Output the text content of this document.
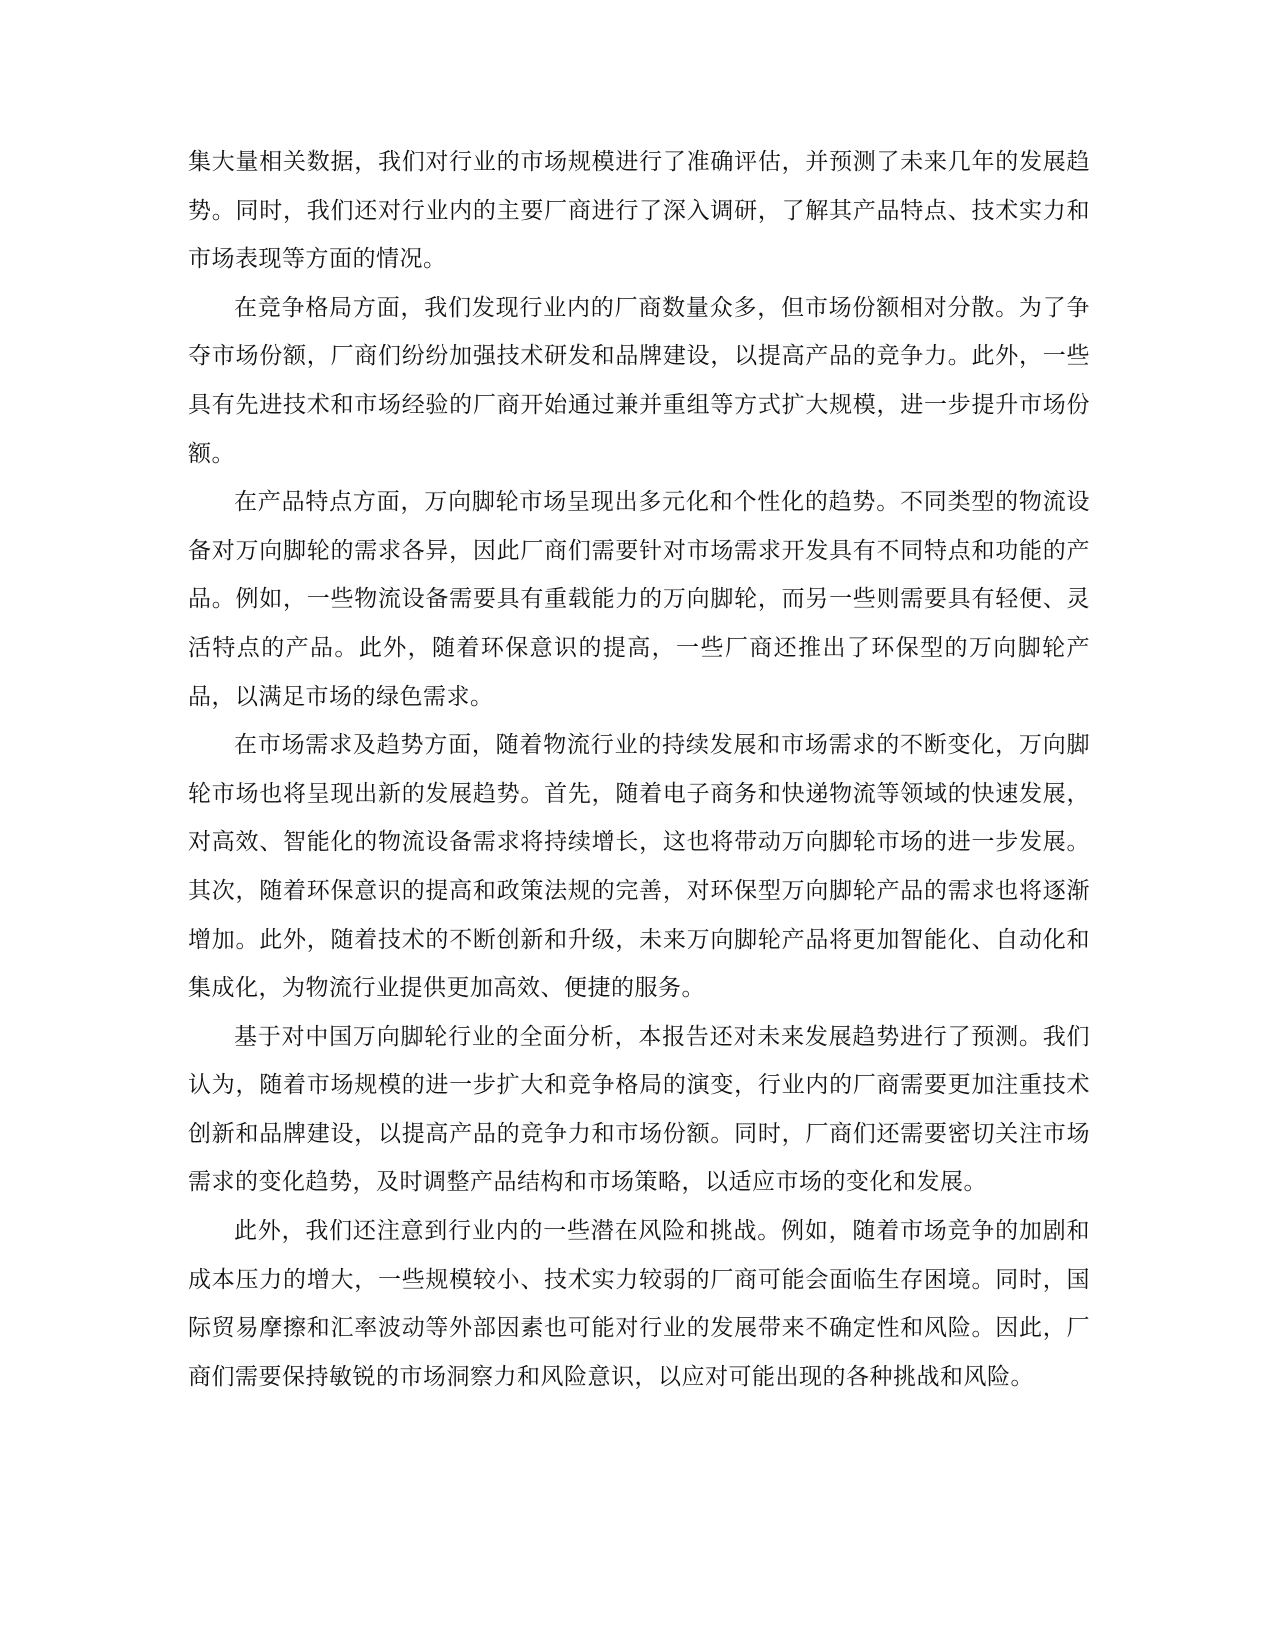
集大量相关数据，我们对行业的市场规模进行了准确评估，并预测了未来几年的发展趋势。同时，我们还对行业内的主要厂商进行了深入调研，了解其产品特点、技术实力和市场表现等方面的情况。

在竞争格局方面，我们发现行业内的厂商数量众多，但市场份额相对分散。为了争夺市场份额，厂商们纷纷加强技术研发和品牌建设，以提高产品的竞争力。此外，一些具有先进技术和市场经验的厂商开始通过兼并重组等方式扩大规模，进一步提升市场份额。

在产品特点方面，万向脚轮市场呈现出多元化和个性化的趋势。不同类型的物流设备对万向脚轮的需求各异，因此厂商们需要针对市场需求开发具有不同特点和功能的产品。例如，一些物流设备需要具有重载能力的万向脚轮，而另一些则需要具有轻便、灵活特点的产品。此外，随着环保意识的提高，一些厂商还推出了环保型的万向脚轮产品，以满足市场的绿色需求。

在市场需求及趋势方面，随着物流行业的持续发展和市场需求的不断变化，万向脚轮市场也将呈现出新的发展趋势。首先，随着电子商务和快递物流等领域的快速发展，对高效、智能化的物流设备需求将持续增长，这也将带动万向脚轮市场的进一步发展。其次，随着环保意识的提高和政策法规的完善，对环保型万向脚轮产品的需求也将逐渐增加。此外，随着技术的不断创新和升级，未来万向脚轮产品将更加智能化、自动化和集成化，为物流行业提供更加高效、便捷的服务。

基于对中国万向脚轮行业的全面分析，本报告还对未来发展趋势进行了预测。我们认为，随着市场规模的进一步扩大和竞争格局的演变，行业内的厂商需要更加注重技术创新和品牌建设，以提高产品的竞争力和市场份额。同时，厂商们还需要密切关注市场需求的变化趋势，及时调整产品结构和市场策略，以适应市场的变化和发展。

此外，我们还注意到行业内的一些潜在风险和挑战。例如，随着市场竞争的加剧和成本压力的增大，一些规模较小、技术实力较弱的厂商可能会面临生存困境。同时，国际贸易摩擦和汇率波动等外部因素也可能对行业的发展带来不确定性和风险。因此，厂商们需要保持敏锐的市场洞察力和风险意识，以应对可能出现的各种挑战和风险。
